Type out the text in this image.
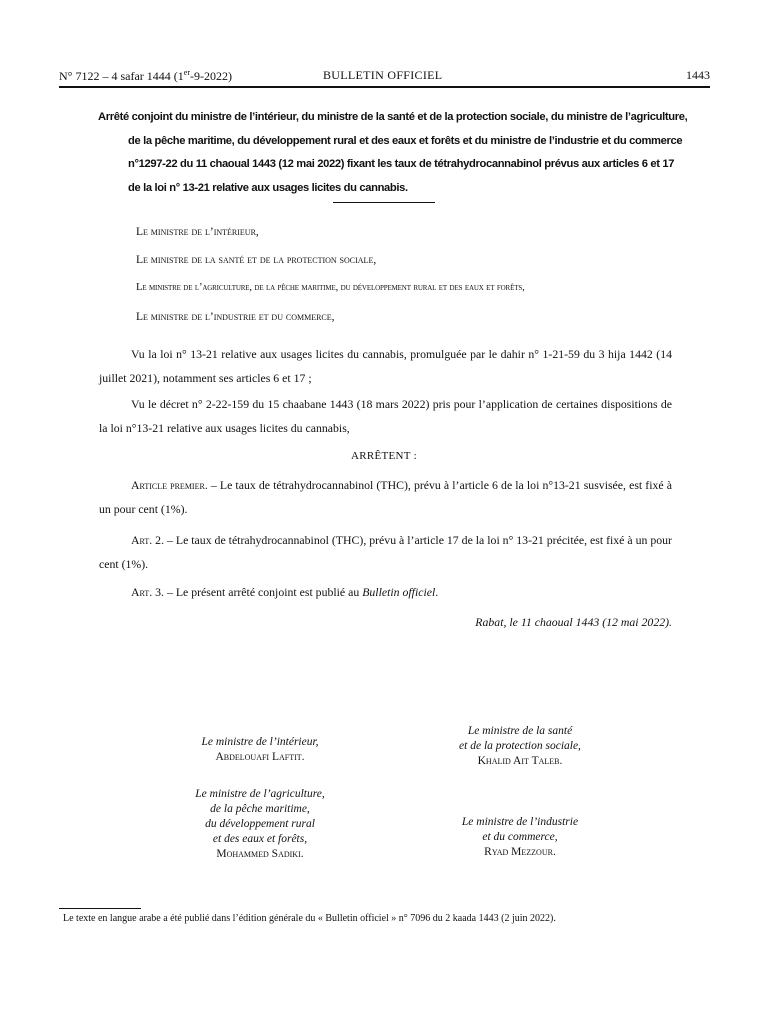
N° 7122 – 4 safar 1444 (1er-9-2022)	BULLETIN OFFICIEL	1443
Arrêté conjoint du ministre de l’intérieur, du ministre de la santé et de la protection sociale, du ministre de l’agriculture,
de la pêche maritime, du développement rural et des eaux et forêts et du ministre de l’industrie et du commerce
n°1297-22 du 11 chaoual 1443 (12 mai 2022) fixant les taux de tétrahydrocannabinol prévus aux articles 6 et 17
de la loi n° 13-21 relative aux usages licites du cannabis.
Le ministre de l’intérieur,
Le ministre de la santé et de la protection sociale,
Le ministre de l’agriculture, de la pêche maritime, du développement rural et des eaux et forêts,
Le ministre de l’industrie et du commerce,
Vu la loi n° 13-21 relative aux usages licites du cannabis, promulguée par le dahir n° 1-21-59 du 3 hija 1442 (14 juillet 2021), notamment ses articles 6 et 17 ;
Vu le décret n° 2-22-159 du 15 chaabane 1443 (18 mars 2022) pris pour l’application de certaines dispositions de la loi n°13-21 relative aux usages licites du cannabis,
ARRÊTENT :
Article premier. – Le taux de tétrahydrocannabinol (THC), prévu à l’article 6 de la loi n°13-21 susvisée, est fixé à un pour cent (1%).
Art. 2. – Le taux de tétrahydrocannabinol (THC), prévu à l’article 17 de la loi n° 13-21 précitée, est fixé à un pour cent (1%).
Art. 3. – Le présent arrêté conjoint est publié au Bulletin officiel.
Rabat, le 11 chaoual 1443 (12 mai 2022).
Le ministre de l’intérieur,
Abdelouafi Laftit.
Le ministre de la santé
et de la protection sociale,
Khalid Ait Taleb.
Le ministre de l’agriculture,
de la pêche maritime,
du développement rural
et des eaux et forêts,
Mohammed Sadiki.
Le ministre de l’industrie
et du commerce,
Ryad Mezzour.
Le texte en langue arabe a été publié dans l’édition générale du « Bulletin officiel » n° 7096 du 2 kaada 1443 (2 juin 2022).
